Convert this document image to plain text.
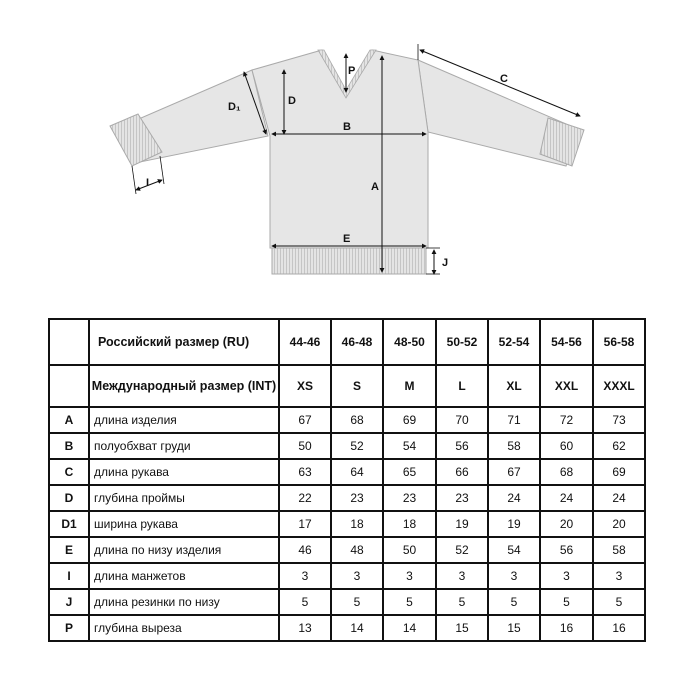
C
D₁	D
P
B
A
E
J
I
	Российский размер (RU)	44-46	46-48	48-50	50-52	52-54	54-56	56-58
	Международный размер (INT)	XS	S	M	L	XL	XXL	XXXL
A	длина изделия	67	68	69	70	71	72	73
B	полуобхват груди	50	52	54	56	58	60	62
C	длина рукава	63	64	65	66	67	68	69
D	глубина проймы	22	23	23	23	24	24	24
D1	ширина рукава	17	18	18	19	19	20	20
E	длина по низу изделия	46	48	50	52	54	56	58
I	длина манжетов	3	3	3	3	3	3	3
J	длина резинки по низу	5	5	5	5	5	5	5
P	глубина выреза	13	14	14	15	15	16	16
